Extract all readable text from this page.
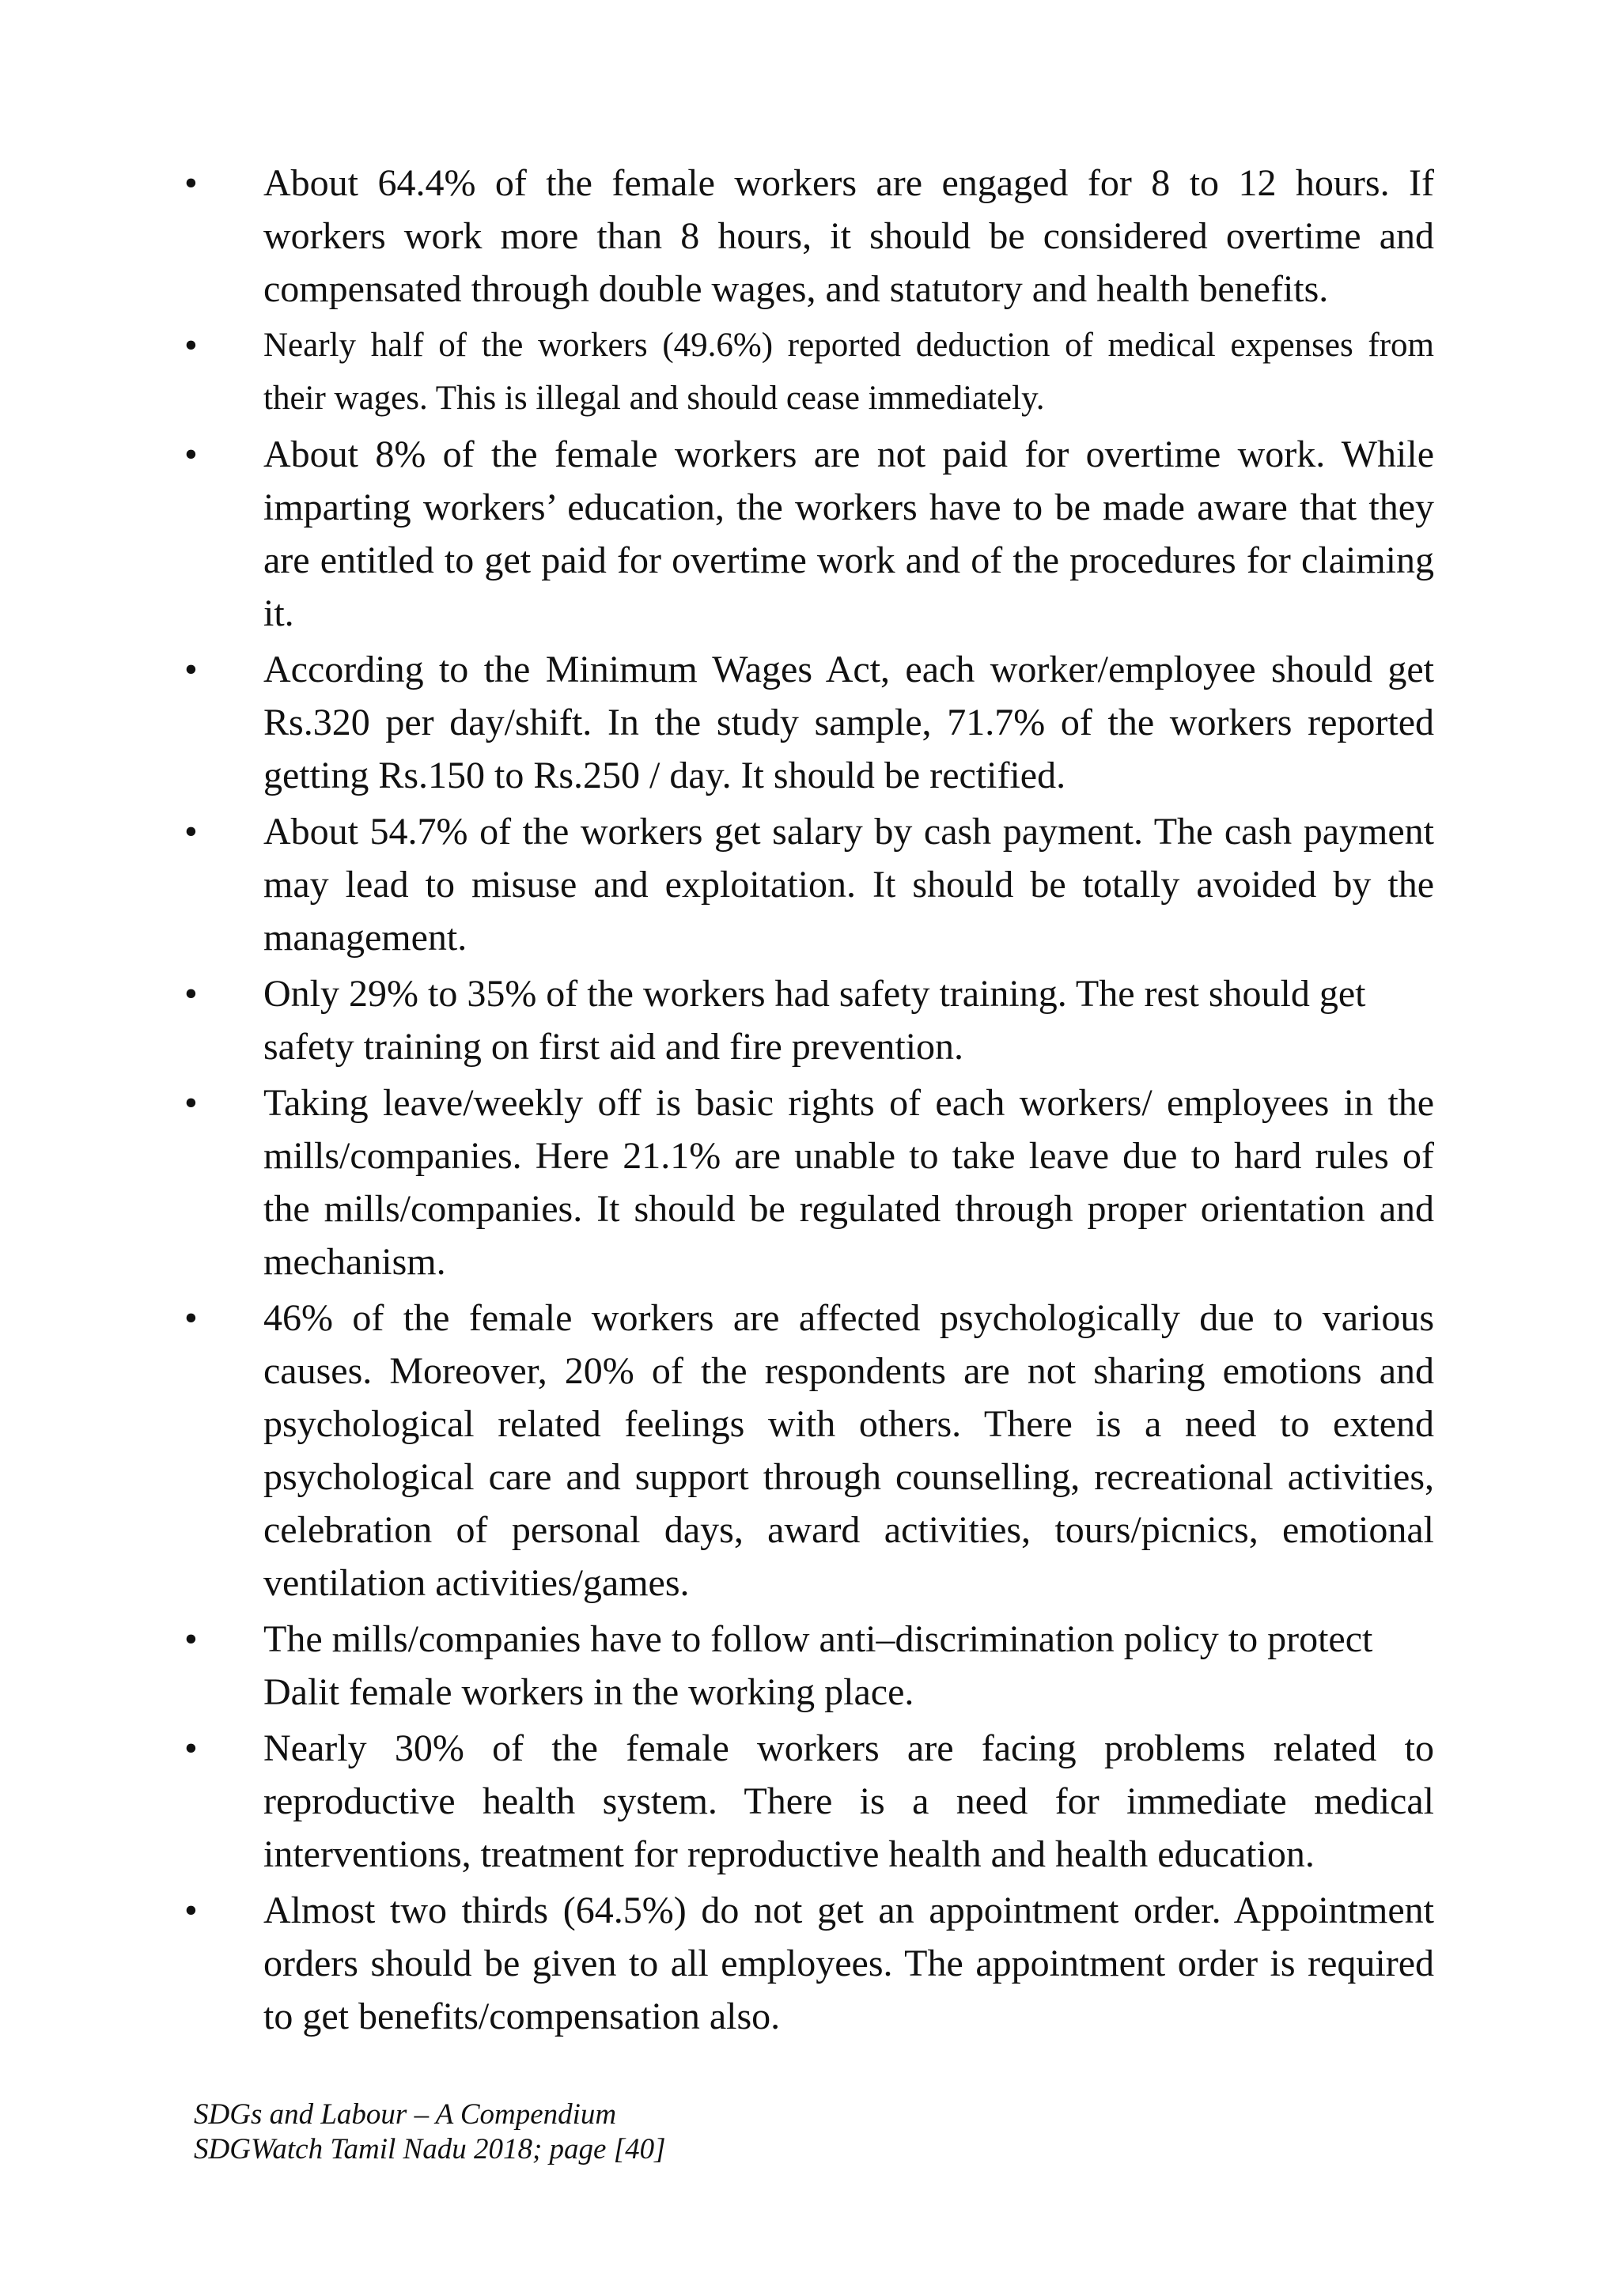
•	About 64.4% of the female workers are engaged for 8 to 12 hours. If workers work more than 8 hours, it should be considered overtime and compensated through double wages, and statutory and health benefits.
•	Nearly half of the workers (49.6%) reported deduction of medical expenses from their wages. This is illegal and should cease immediately.
•	About 8% of the female workers are not paid for overtime work. While imparting workers’ education, the workers have to be made aware that they are entitled to get paid for overtime work and of the procedures for claiming it.
•	According to the Minimum Wages Act, each worker/employee should get Rs.320 per day/shift. In the study sample, 71.7% of the workers reported getting Rs.150 to Rs.250 / day. It should be rectified.
•	About 54.7% of the workers get salary by cash payment. The cash payment may lead to misuse and exploitation. It should be totally avoided by the management.
•	Only 29% to 35% of the workers had safety training. The rest should get safety training on first aid and fire prevention.
•	Taking leave/weekly off is basic rights of each workers/ employees in the mills/companies. Here 21.1% are unable to take leave due to hard rules of the mills/companies. It should be regulated through proper orientation and mechanism.
•	46% of the female workers are affected psychologically due to various causes. Moreover, 20% of the respondents are not sharing emotions and psychological related feelings with others. There is a need to extend psychological care and support through counselling, recreational activities, celebration of personal days, award activities, tours/picnics, emotional ventilation activities/games.
•	The mills/companies have to follow anti–discrimination policy to protect Dalit female workers in the working place.
•	Nearly 30% of the female workers are facing problems related to reproductive health system. There is a need for immediate medical interventions, treatment for reproductive health and health education.
•	Almost two thirds (64.5%) do not get an appointment order. Appointment orders should be given to all employees. The appointment order is required to get benefits/compensation also.
SDGs and Labour – A Compendium
SDGWatch Tamil Nadu 2018; page [40]
